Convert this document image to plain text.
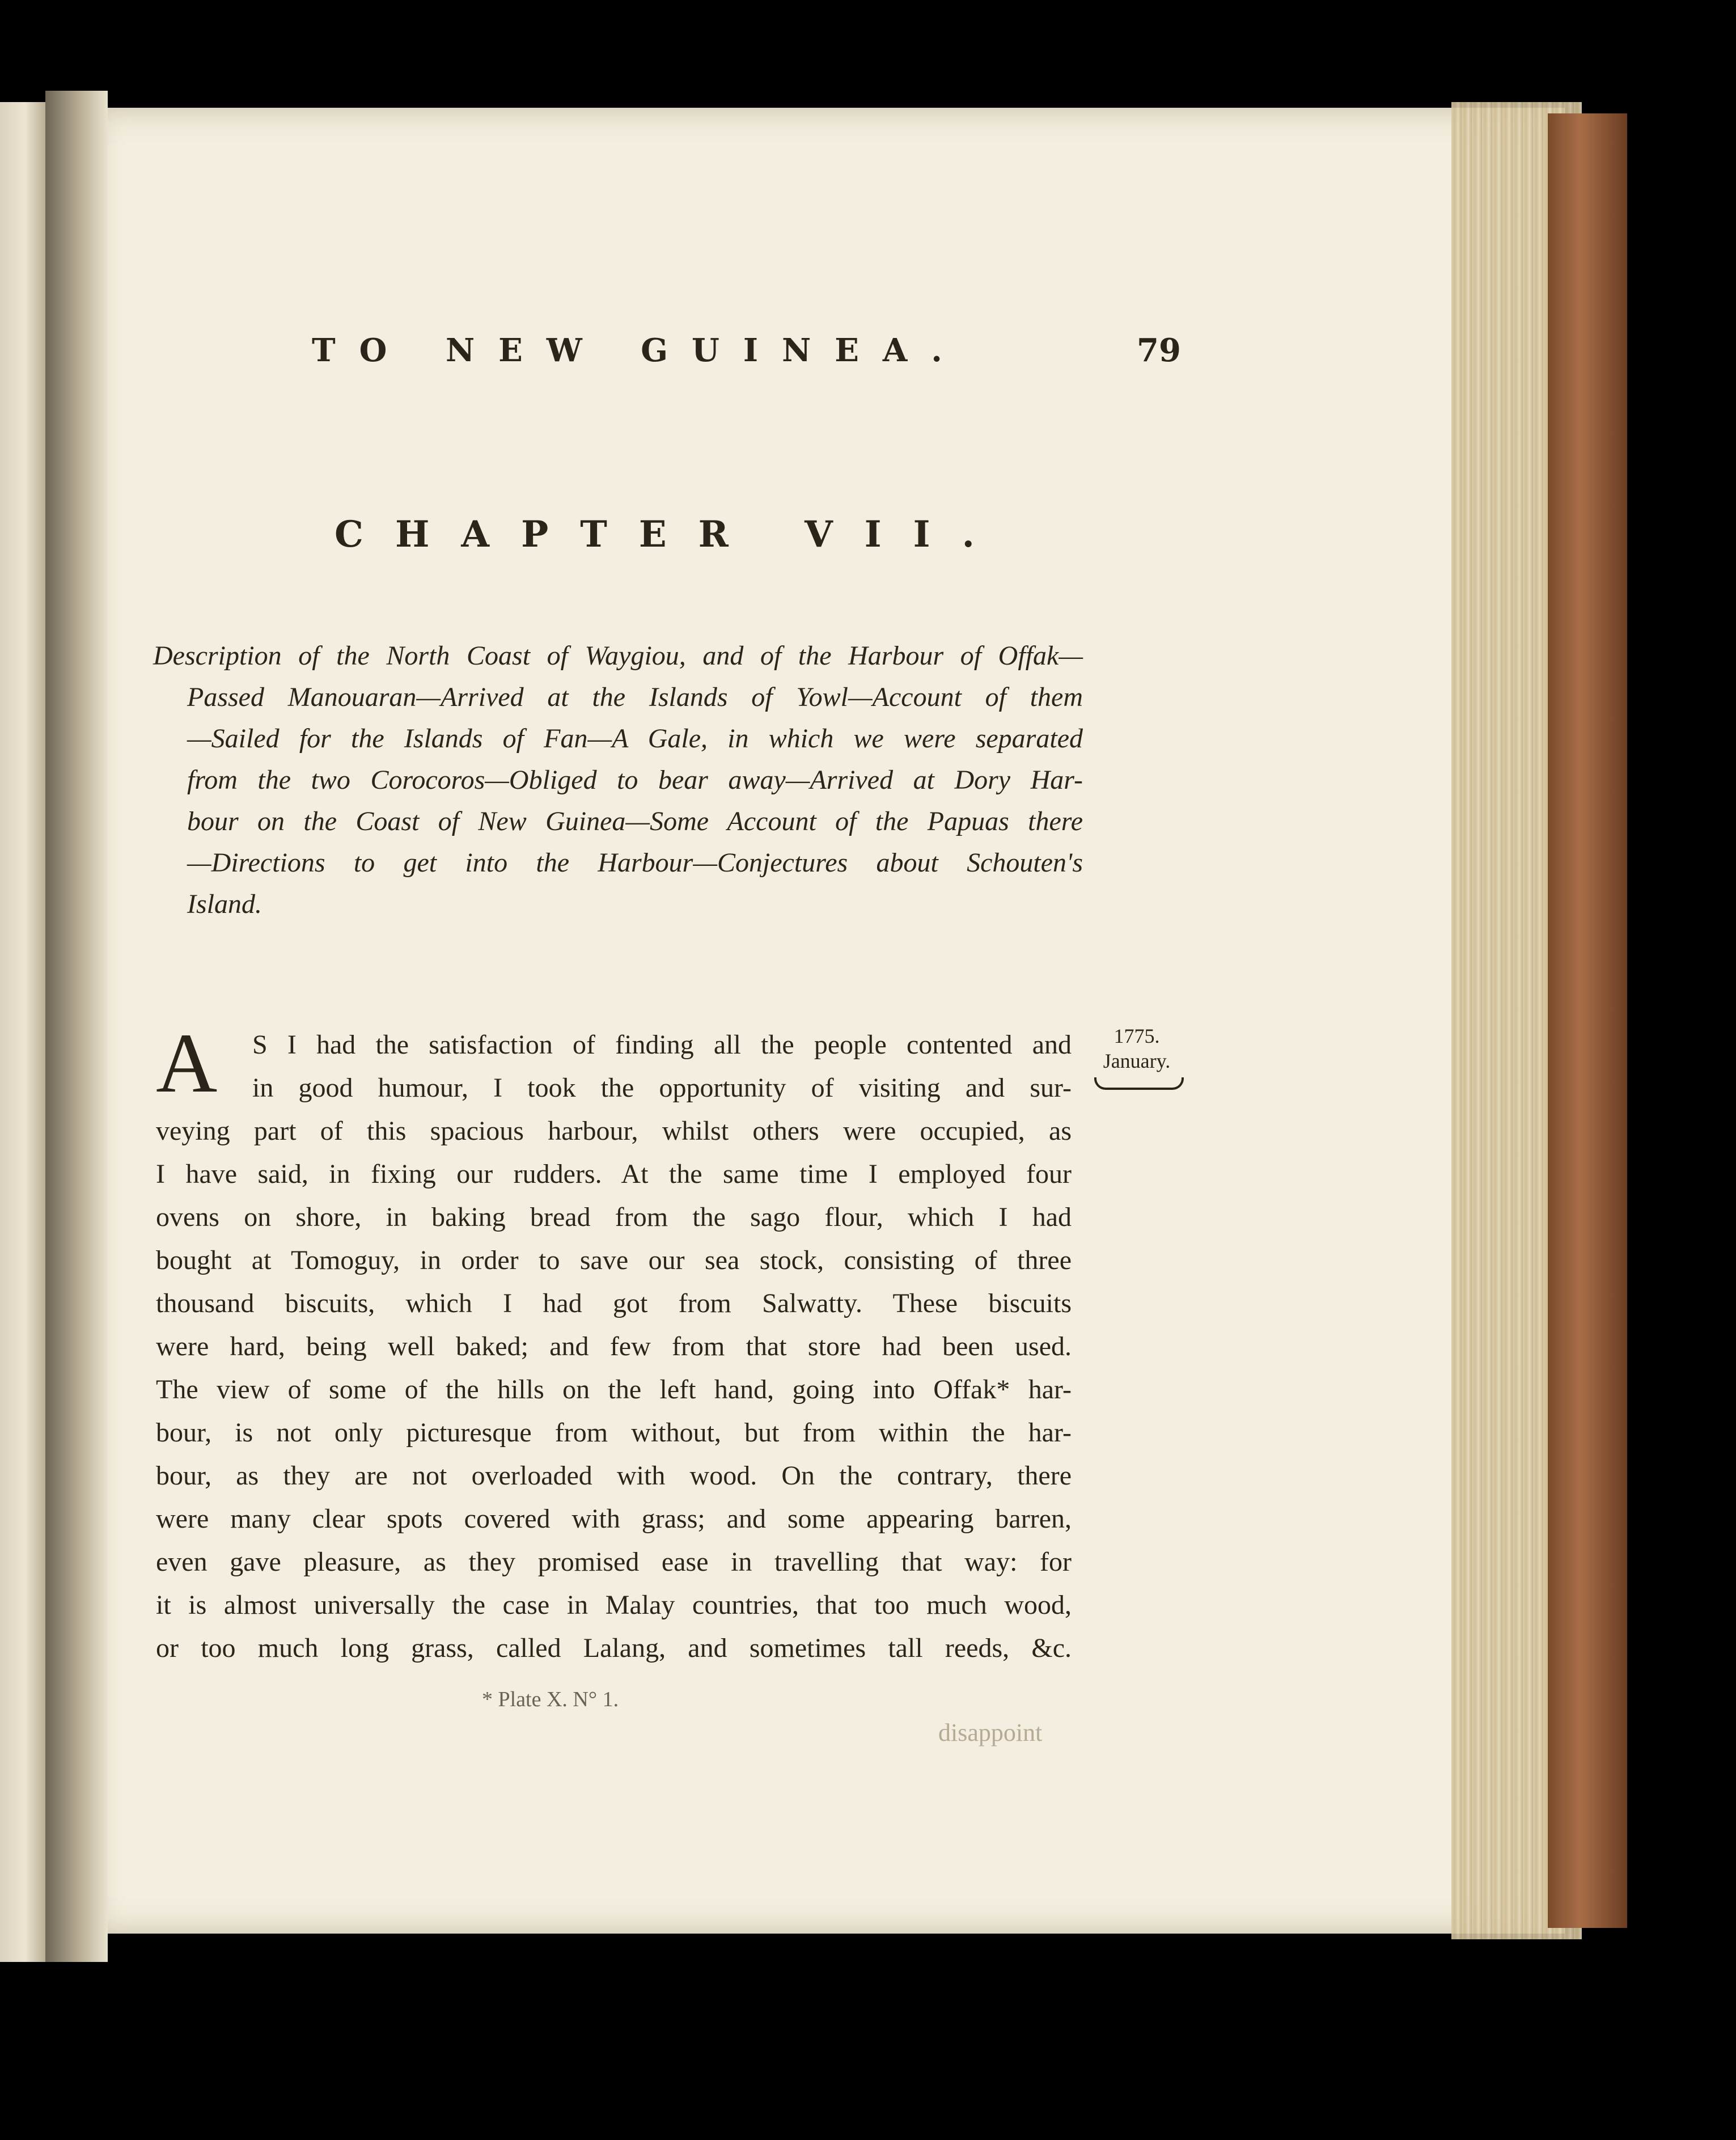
TO NEW GUINEA.	79
CHAPTER VII.
Description of the North Coast of Waygiou, and of the Harbour of Offak—
Passed Manouaran—Arrived at the Islands of Yowl—Account of them
—Sailed for the Islands of Fan—A Gale, in which we were separated
from the two Corocoros—Obliged to bear away—Arrived at Dory Har-
bour on the Coast of New Guinea—Some Account of the Papuas there
—Directions to get into the Harbour—Conjectures about Schouten's
Island.
A	S I had the satisfaction of finding all the people contented and
in good humour, I took the opportunity of visiting and sur-
veying part of this spacious harbour, whilst others were occupied, as
I have said, in fixing our rudders. At the same time I employed four
ovens on shore, in baking bread from the sago flour, which I had
bought at Tomoguy, in order to save our sea stock, consisting of three
thousand biscuits, which I had got from Salwatty. These biscuits
were hard, being well baked; and few from that store had been used.
The view of some of the hills on the left hand, going into Offak* har-
bour, is not only picturesque from without, but from within the har-
bour, as they are not overloaded with wood. On the contrary, there
were many clear spots covered with grass; and some appearing barren,
even gave pleasure, as they promised ease in travelling that way: for
it is almost universally the case in Malay countries, that too much wood,
or too much long grass, called Lalang, and sometimes tall reeds, &c.
1775.
January.
* Plate X. N° 1.
disappoint
